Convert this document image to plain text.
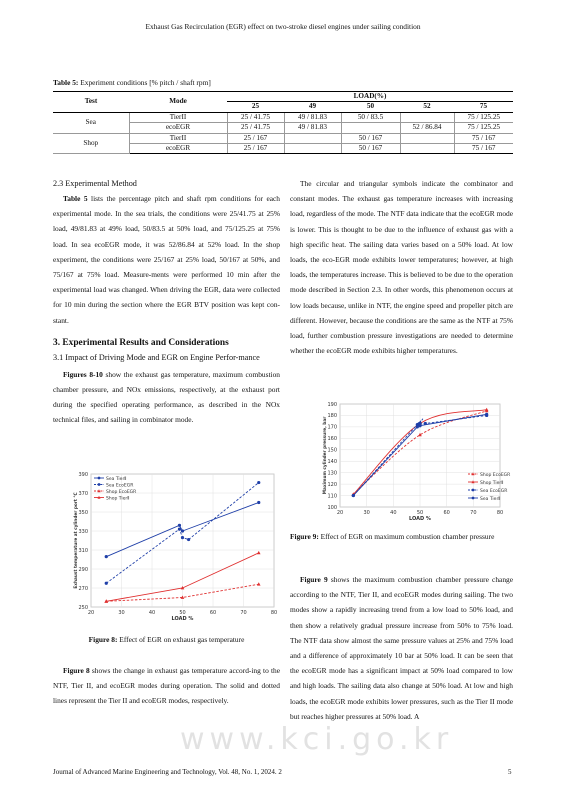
Exhaust Gas Recirculation (EGR) effect on two-stroke diesel engines under sailing condition
Table 5: Experiment conditions [% pitch / shaft rpm]
Test	Mode	LOAD(%)				
		25	49	50	52	75
Sea	TierII	25 / 41.75	49 / 81.83	50 / 83.5		75 / 125.25
	ecoEGR	25 / 41.75	49 / 81.83		52 / 86.84	75 / 125.25
Shop	TierII	25 / 167		50 / 167		75 / 167
	ecoEGR	25 / 167		50 / 167		75 / 167
2.3 Experimental Method

Table 5 lists the percentage pitch and shaft rpm conditions for each experimental mode. In the sea trials, the conditions were 25/41.75 at 25% load, 49/81.83 at 49% load, 50/83.5 at 50% load, and 75/125.25 at 75% load. In sea ecoEGR mode, it was 52/86.84 at 52% load. In the shop experiment, the conditions were 25/167 at 25% load, 50/167 at 50%, and 75/167 at 75% load. Measure-ments were performed 10 min after the experimental load was changed. When driving the EGR, data were collected for 10 min during the section where the EGR BTV position was kept con-stant.

3. Experimental Results and Considerations
3.1 Impact of Driving Mode and EGR on Engine Perfor-mance

Figures 8-10 show the exhaust gas temperature, maximum combustion chamber pressure, and NOx emissions, respectively, at the exhaust port during the specified operating performance, as described in the NOx technical files, and sailing in combinator mode.

250
270
290
310
330
350
370
390
20	30	40	50	60	70	80
LOAD %
Exhaust temperature at cylinder port °C
Sea TierⅡ
Sea EcoEGR
Shop EcoEGR
Shop TierⅡ
Figure 8: Effect of EGR on exhaust gas temperature

Figure 8 shows the change in exhaust gas temperature accord-ing to the NTF, Tier II, and ecoEGR modes during operation. The solid and dotted lines represent the Tier II and ecoEGR modes, respectively.

The circular and triangular symbols indicate the combinator and constant modes. The exhaust gas temperature increases with increasing load, regardless of the mode. The NTF data indicate that the ecoEGR mode is lower. This is thought to be due to the influence of exhaust gas with a high specific heat. The sailing data varies based on a 50% load. At low loads, the eco-EGR mode exhibits lower temperatures; however, at high loads, the temperatures increase. This is believed to be due to the operation mode described in Section 2.3. In other words, this phenomenon occurs at low loads because, unlike in NTF, the engine speed and propeller pitch are different. However, because the conditions are the same as the NTF at 75% load, further combustion pressure investigations are needed to determine whether the ecoEGR mode exhibits higher temperatures.

100
110
120
130
140
150
160
170
180
190
20	30	40	50	60	70	80
LOAD %
Maximum cylinder pressure, bar	Shop EcoEGR
Shop TierⅡ
Sea EcoEGR
Sea TierⅡ
Figure 9: Effect of EGR on maximum combustion chamber pressure

Figure 9 shows the maximum combustion chamber pressure change according to the NTF, Tier II, and ecoEGR modes during sailing. The two modes show a rapidly increasing trend from a low load to 50% load, and then show a relatively gradual pressure increase from 50% to 75% load. The NTF data show almost the same pressure values at 25% and 75% load and a difference of approximately 10 bar at 50% load. It can be seen that the ecoEGR mode has a significant impact at 50% load compared to low and high loads. The sailing data also change at 50% load. At low and high loads, the ecoEGR mode exhibits lower pressures, such as the Tier II mode but reaches higher pressures at 50% load. A

www.kci.go.kr
Journal of Advanced Marine Engineering and Technology, Vol. 48, No. 1, 2024. 2	5
